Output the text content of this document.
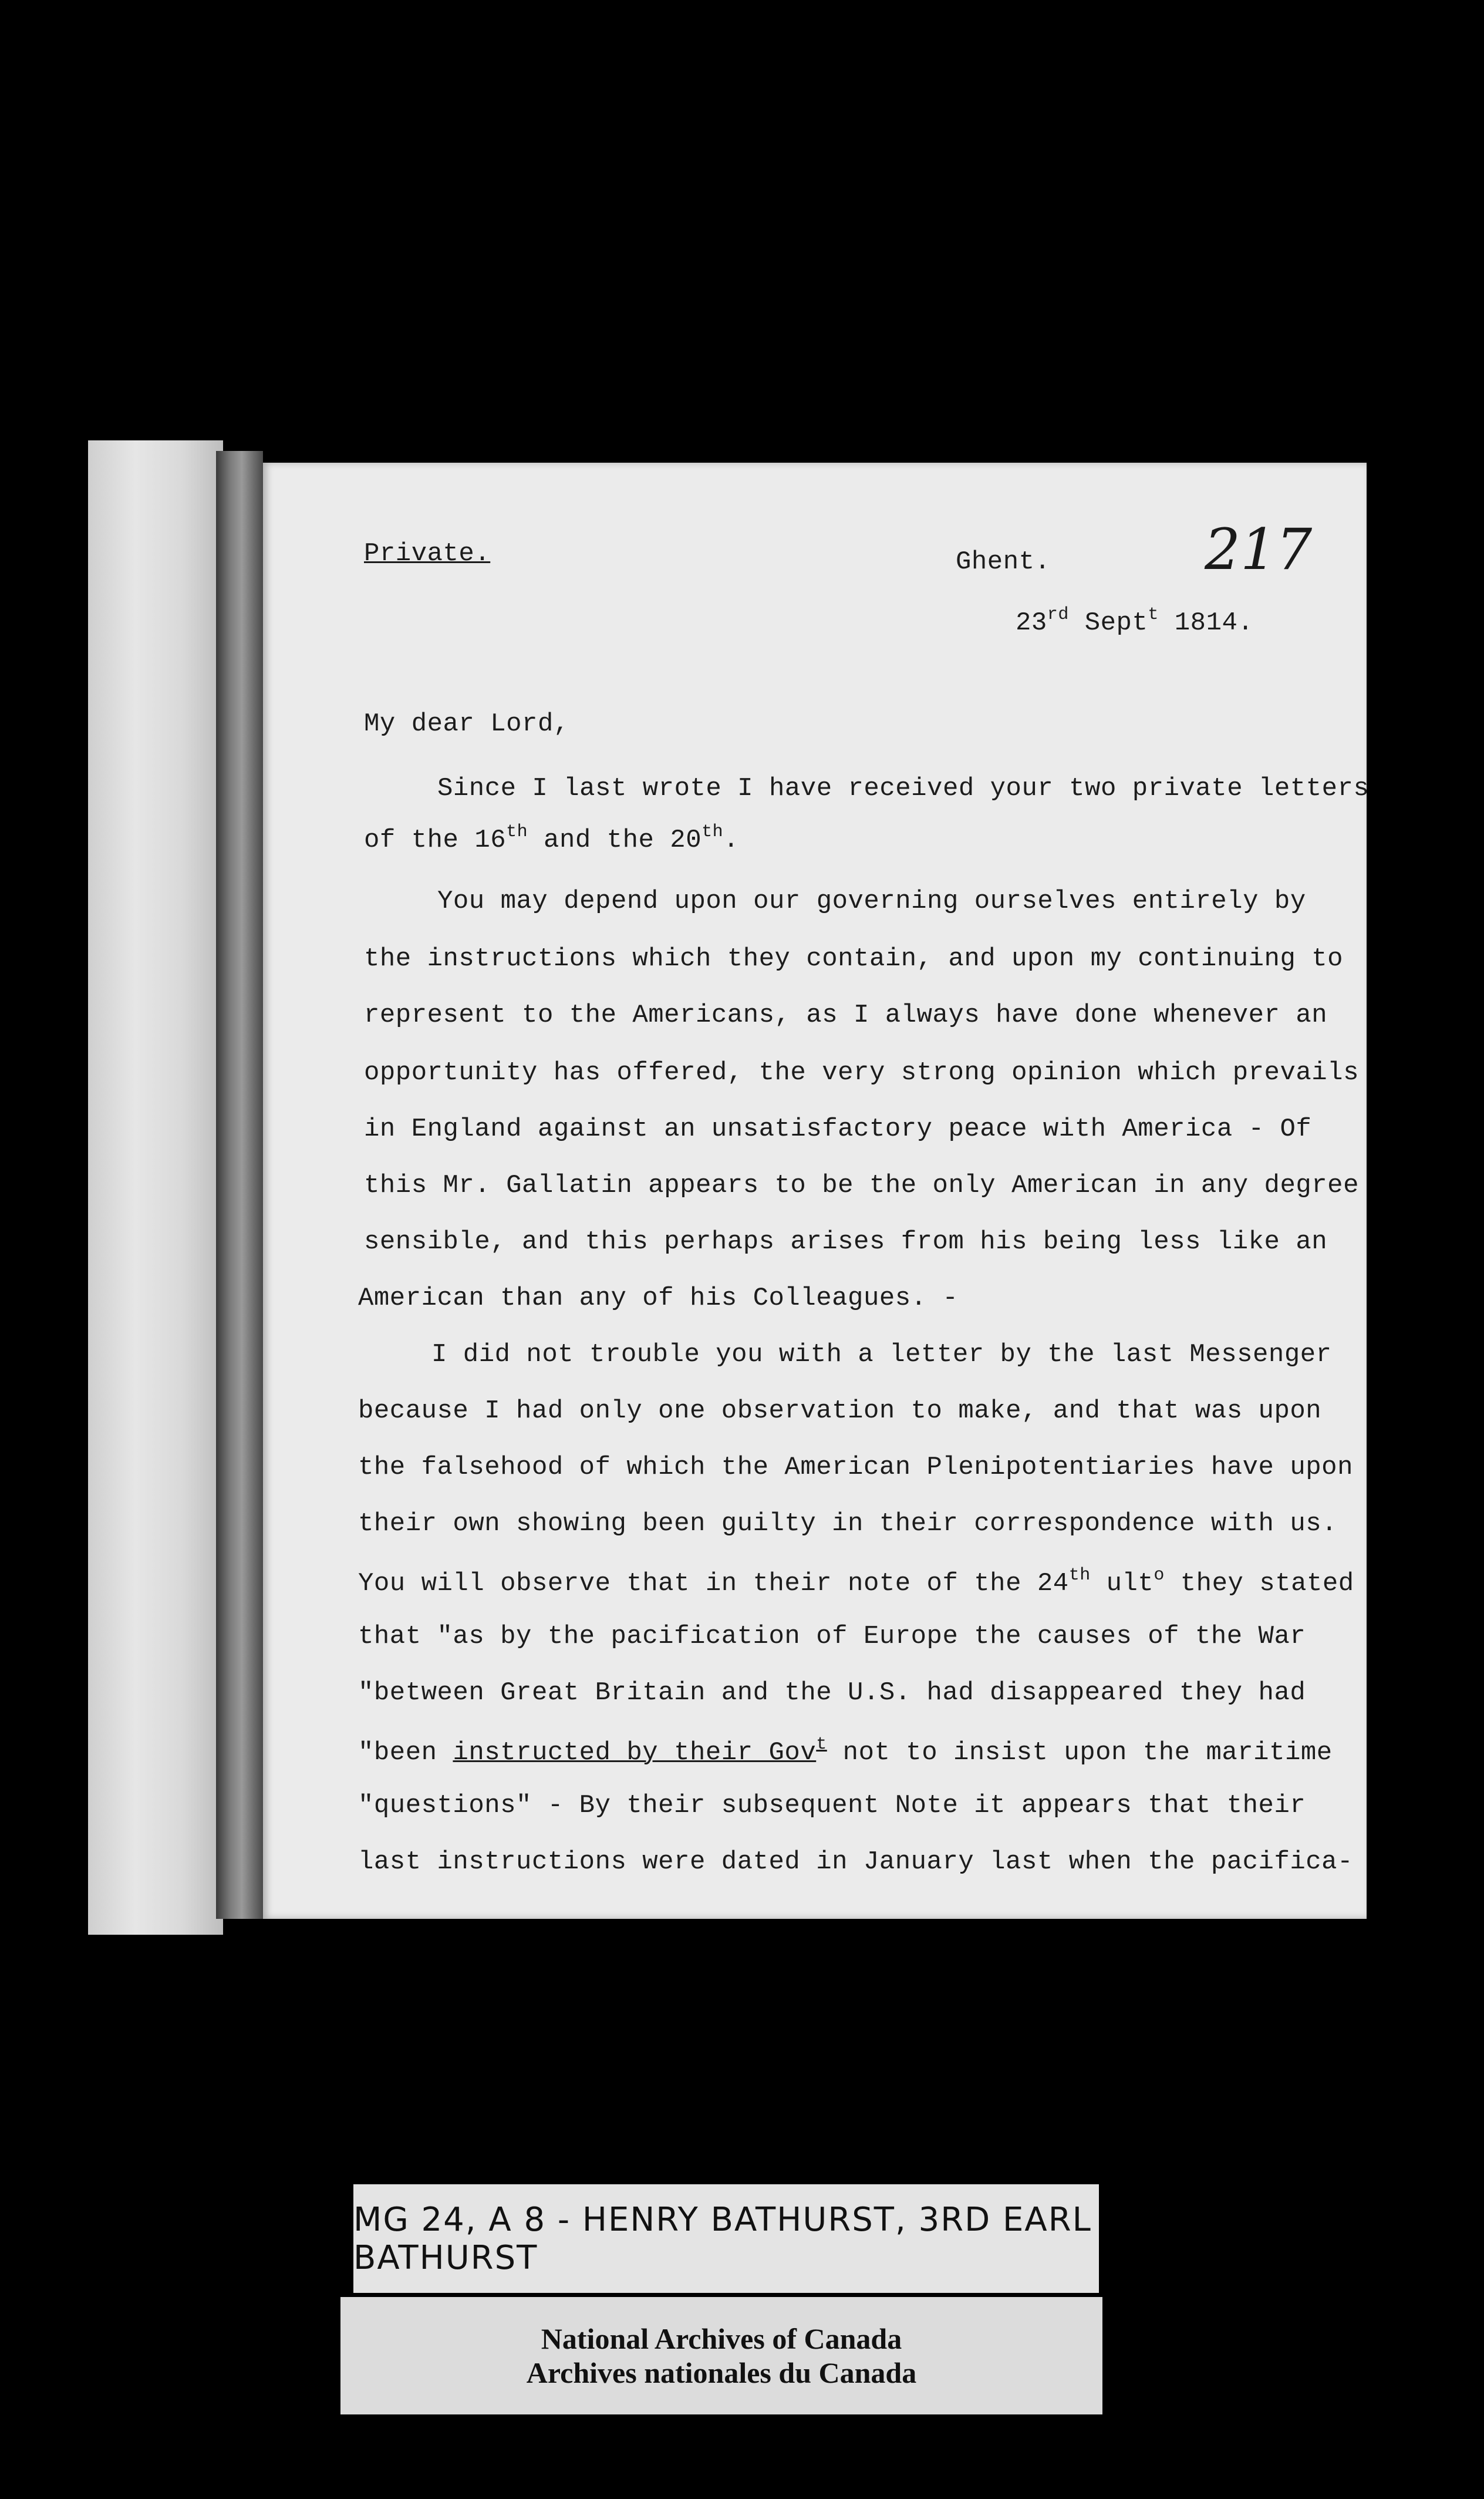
Private.	Ghent.	217
23rd Sept$^t$ 1814.
My dear Lord,
Since I last wrote I have received your two private letters
of the 16th and the 20th.
You may depend upon our governing ourselves entirely by
the instructions which they contain, and upon my continuing to
represent to the Americans, as I always have done whenever an
opportunity has offered, the very strong opinion which prevails
in England against an unsatisfactory peace with America - Of
this Mr. Gallatin appears to be the only American in any degree
sensible, and this perhaps arises from his being less like an
American than any of his Colleagues. -
I did not trouble you with a letter by the last Messenger
because I had only one observation to make, and that was upon
the falsehood of which the American Plenipotentiaries have upon
their own showing been guilty in their correspondence with us.
You will observe that in their note of the 24th ult$^o$ they stated
that "as by the pacification of Europe the causes of the War
"between Great Britain and the U.S. had disappeared they had
"been instructed by their Gov$^t$ not to insist upon the maritime
"questions" - By their subsequent Note it appears that their
last instructions were dated in January last when the pacifica-
MG 24, A 8 - HENRY BATHURST, 3RD EARL BATHURST
National Archives of Canada
Archives nationales du Canada
